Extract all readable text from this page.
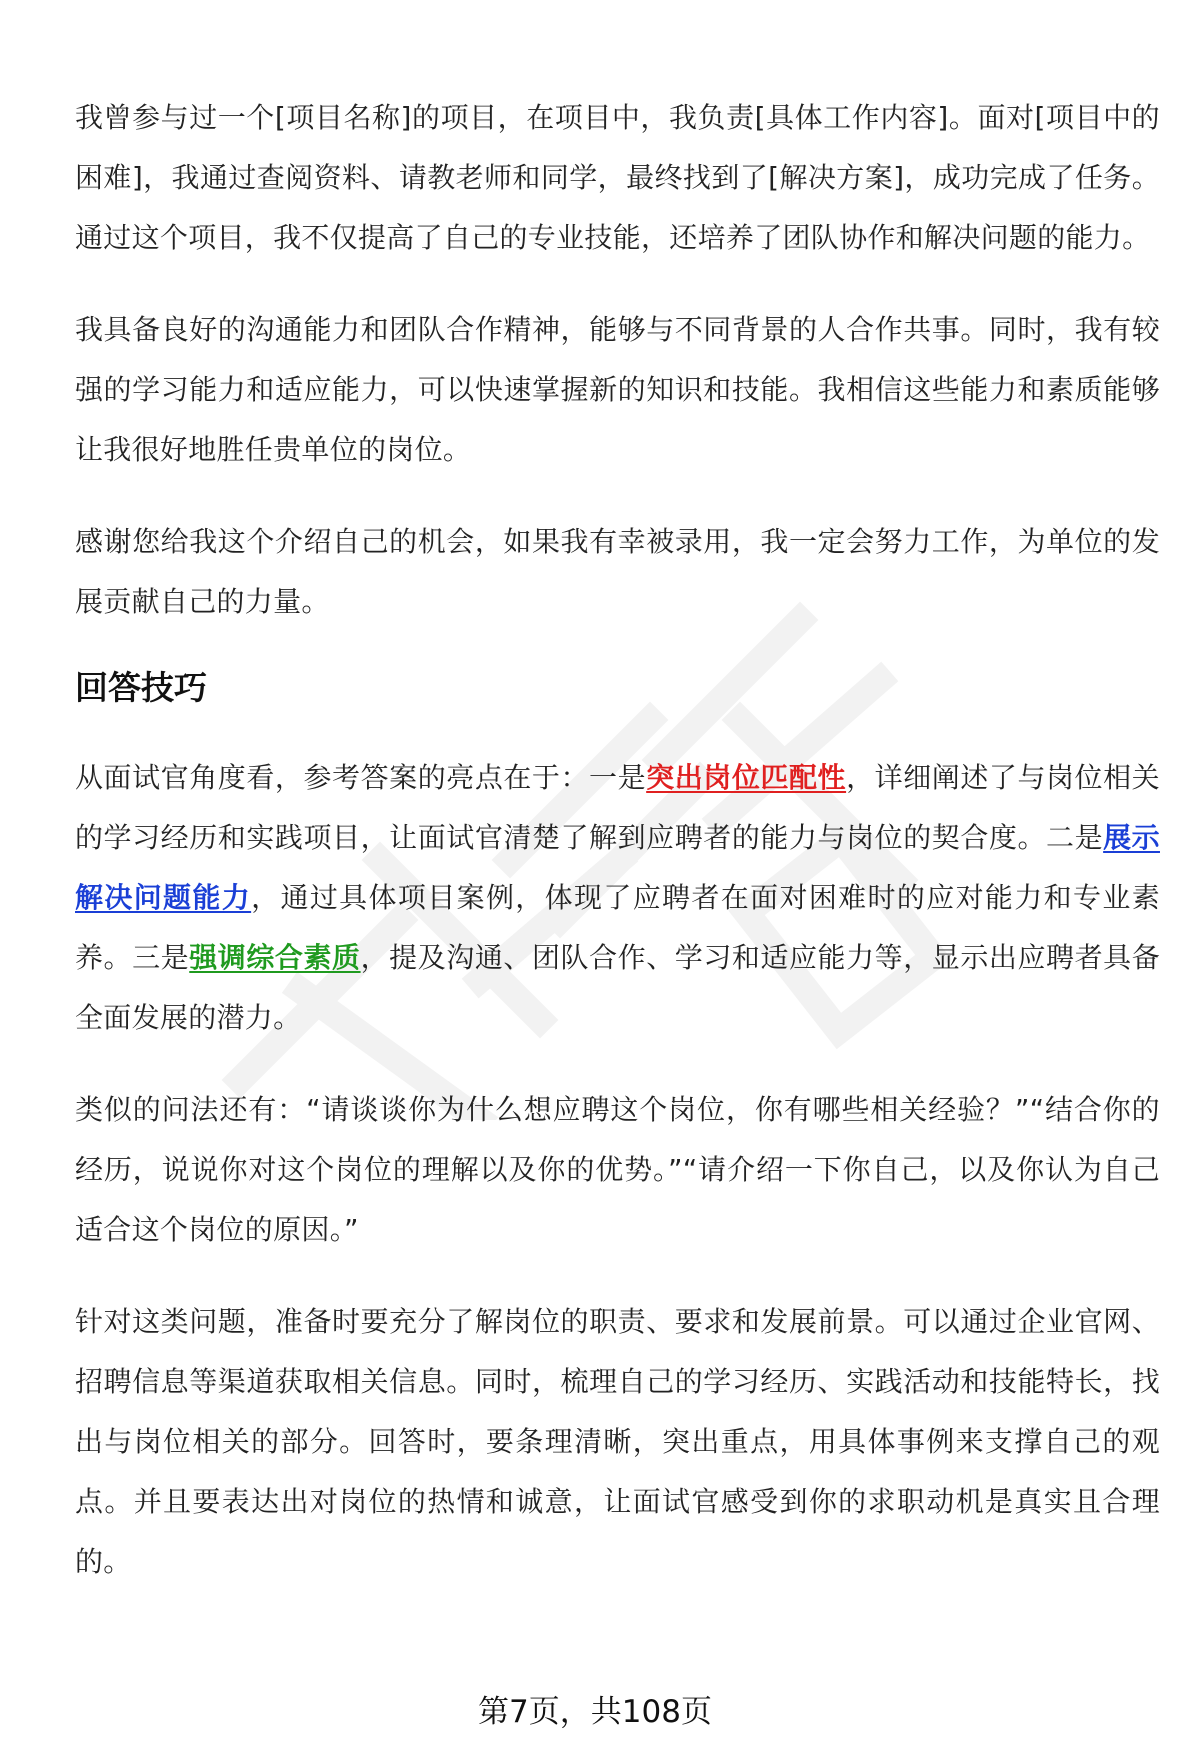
我曾参与过一个[项目名称]的项目，在项目中，我负责[具体工作内容]。面对[项目中的困难]，我通过查阅资料、请教老师和同学，最终找到了[解决方案]，成功完成了任务。通过这个项目，我不仅提高了自己的专业技能，还培养了团队协作和解决问题的能力。

我具备良好的沟通能力和团队合作精神，能够与不同背景的人合作共事。同时，我有较强的学习能力和适应能力，可以快速掌握新的知识和技能。我相信这些能力和素质能够让我很好地胜任贵单位的岗位。

感谢您给我这个介绍自己的机会，如果我有幸被录用，我一定会努力工作，为单位的发展贡献自己的力量。

回答技巧

从面试官角度看，参考答案的亮点在于：一是突出岗位匹配性，详细阐述了与岗位相关的学习经历和实践项目，让面试官清楚了解到应聘者的能力与岗位的契合度。二是展示解决问题能力，通过具体项目案例，体现了应聘者在面对困难时的应对能力和专业素养。三是强调综合素质，提及沟通、团队合作、学习和适应能力等，显示出应聘者具备全面发展的潜力。

类似的问法还有：“请谈谈你为什么想应聘这个岗位，你有哪些相关经验？”“结合你的经历，说说你对这个岗位的理解以及你的优势。”“请介绍一下你自己，以及你认为自己适合这个岗位的原因。”

针对这类问题，准备时要充分了解岗位的职责、要求和发展前景。可以通过企业官网、招聘信息等渠道获取相关信息。同时，梳理自己的学习经历、实践活动和技能特长，找出与岗位相关的部分。回答时，要条理清晰，突出重点，用具体事例来支撑自己的观点。并且要表达出对岗位的热情和诚意，让面试官感受到你的求职动机是真实且合理的。

第7页，共108页
